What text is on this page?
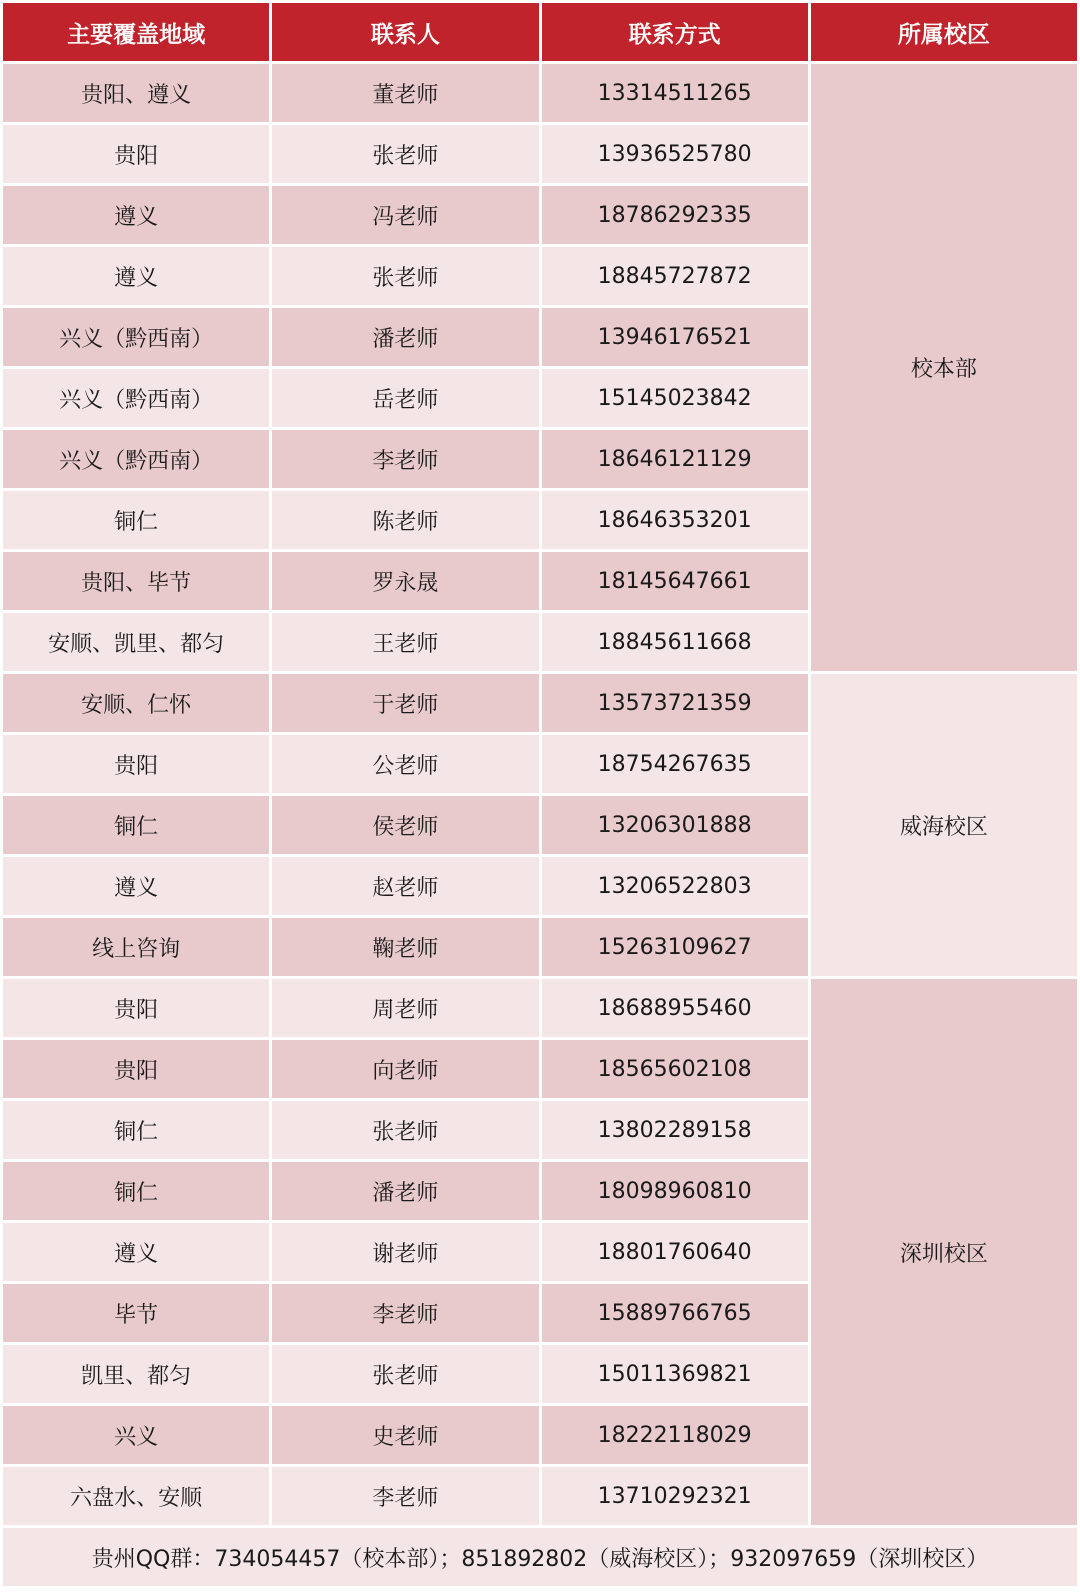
主要覆盖地域	联系人	联系方式	所属校区
贵阳、遵义	董老师	13314511265	校本部
贵阳	张老师	13936525780	
遵义	冯老师	18786292335	
遵义	张老师	18845727872	
兴义（黔西南）	潘老师	13946176521	
兴义（黔西南）	岳老师	15145023842	
兴义（黔西南）	李老师	18646121129	
铜仁	陈老师	18646353201	
贵阳、毕节	罗永晟	18145647661	
安顺、凯里、都匀	王老师	18845611668	
安顺、仁怀	于老师	13573721359	威海校区
贵阳	公老师	18754267635	
铜仁	侯老师	13206301888	
遵义	赵老师	13206522803	
线上咨询	鞠老师	15263109627	
贵阳	周老师	18688955460	深圳校区
贵阳	向老师	18565602108	
铜仁	张老师	13802289158	
铜仁	潘老师	18098960810	
遵义	谢老师	18801760640	
毕节	李老师	15889766765	
凯里、都匀	张老师	15011369821	
兴义	史老师	18222118029	
六盘水、安顺	李老师	13710292321	
贵州QQ群：734054457（校本部）；851892802（威海校区）；932097659（深圳校区）			
